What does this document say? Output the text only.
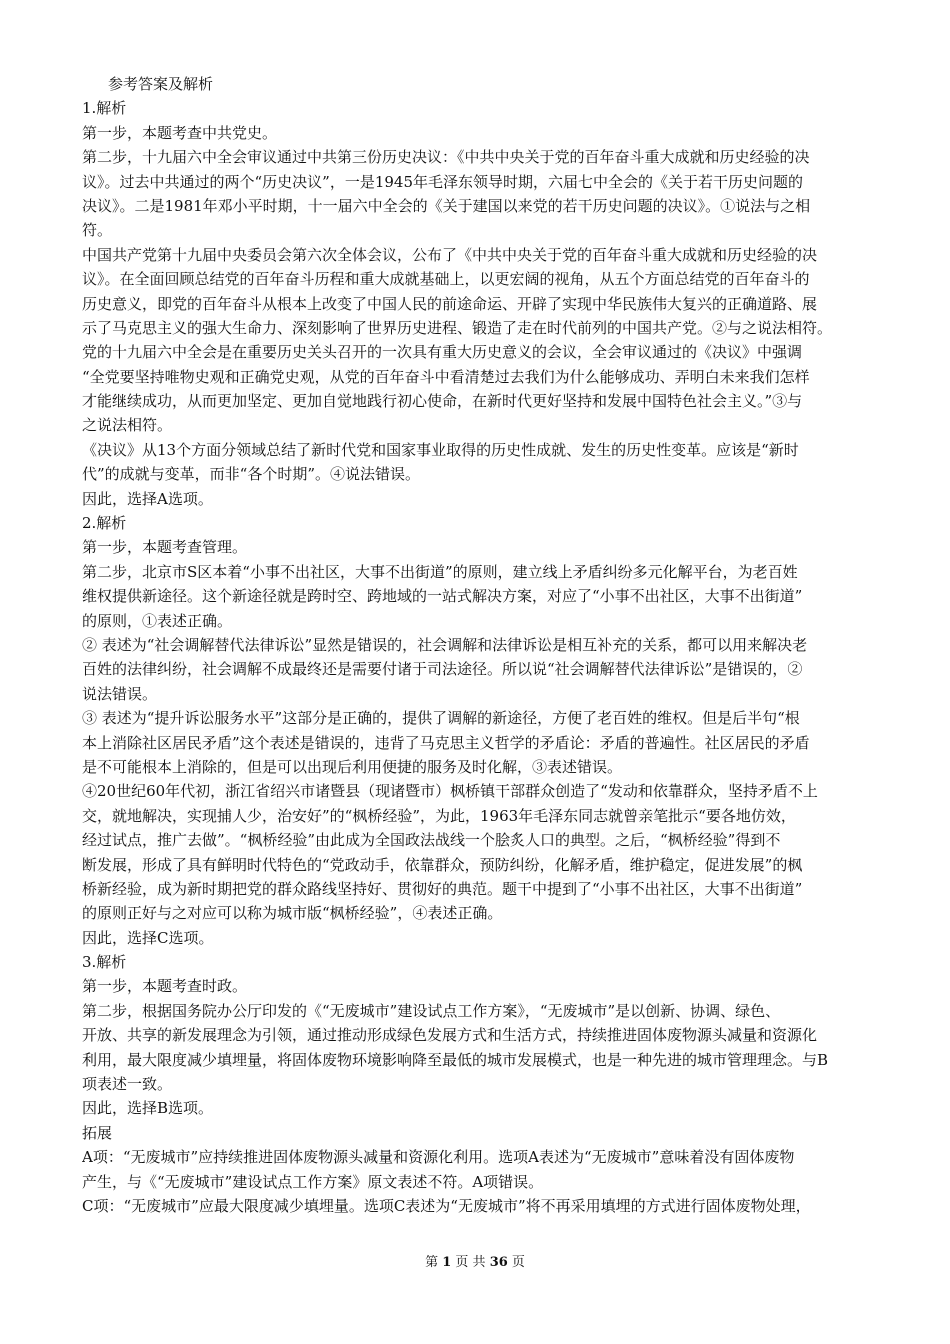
参考答案及解析
1.解析
第一步，本题考查中共党史。
第二步，十九届六中全会审议通过中共第三份历史决议：《中共中央关于党的百年奋斗重大成就和历史经验的决
议》。过去中共通过的两个“历史决议”，一是1945年毛泽东领导时期，六届七中全会的《关于若干历史问题的
决议》。二是1981年邓小平时期，十一届六中全会的《关于建国以来党的若干历史问题的决议》。①说法与之相
符。
中国共产党第十九届中央委员会第六次全体会议，公布了《中共中央关于党的百年奋斗重大成就和历史经验的决
议》。在全面回顾总结党的百年奋斗历程和重大成就基础上，以更宏阔的视角，从五个方面总结党的百年奋斗的
历史意义，即党的百年奋斗从根本上改变了中国人民的前途命运、开辟了实现中华民族伟大复兴的正确道路、展
示了马克思主义的强大生命力、深刻影响了世界历史进程、锻造了走在时代前列的中国共产党。②与之说法相符。
党的十九届六中全会是在重要历史关头召开的一次具有重大历史意义的会议，全会审议通过的《决议》中强调
“全党要坚持唯物史观和正确党史观，从党的百年奋斗中看清楚过去我们为什么能够成功、弄明白未来我们怎样
才能继续成功，从而更加坚定、更加自觉地践行初心使命，在新时代更好坚持和发展中国特色社会主义。”③与
之说法相符。
《决议》从13个方面分领域总结了新时代党和国家事业取得的历史性成就、发生的历史性变革。应该是“新时
代”的成就与变革，而非“各个时期”。④说法错误。
因此，选择A选项。
2.解析
第一步，本题考查管理。
第二步，北京市S区本着“小事不出社区，大事不出街道”的原则，建立线上矛盾纠纷多元化解平台，为老百姓
维权提供新途径。这个新途径就是跨时空、跨地域的一站式解决方案，对应了“小事不出社区，大事不出街道”
的原则，①表述正确。
② 表述为“社会调解替代法律诉讼”显然是错误的，社会调解和法律诉讼是相互补充的关系，都可以用来解决老
百姓的法律纠纷，社会调解不成最终还是需要付诸于司法途径。所以说“社会调解替代法律诉讼”是错误的，②
说法错误。
③ 表述为“提升诉讼服务水平”这部分是正确的，提供了调解的新途径，方便了老百姓的维权。但是后半句“根
本上消除社区居民矛盾”这个表述是错误的，违背了马克思主义哲学的矛盾论：矛盾的普遍性。社区居民的矛盾
是不可能根本上消除的，但是可以出现后利用便捷的服务及时化解，③表述错误。
④20世纪60年代初，浙江省绍兴市诸暨县（现诸暨市）枫桥镇干部群众创造了“发动和依靠群众，坚持矛盾不上
交，就地解决，实现捕人少，治安好”的“枫桥经验”，为此，1963年毛泽东同志就曾亲笔批示“要各地仿效，
经过试点，推广去做”。“枫桥经验”由此成为全国政法战线一个脍炙人口的典型。之后，“枫桥经验”得到不
断发展，形成了具有鲜明时代特色的“党政动手，依靠群众，预防纠纷，化解矛盾，维护稳定，促进发展”的枫
桥新经验，成为新时期把党的群众路线坚持好、贯彻好的典范。题干中提到了“小事不出社区，大事不出街道”
的原则正好与之对应可以称为城市版“枫桥经验”，④表述正确。
因此，选择C选项。
3.解析
第一步，本题考查时政。
第二步，根据国务院办公厅印发的《“无废城市”建设试点工作方案》，“无废城市”是以创新、协调、绿色、
开放、共享的新发展理念为引领，通过推动形成绿色发展方式和生活方式，持续推进固体废物源头减量和资源化
利用，最大限度减少填埋量，将固体废物环境影响降至最低的城市发展模式，也是一种先进的城市管理理念。与B
项表述一致。
因此，选择B选项。
拓展
A项：“无废城市”应持续推进固体废物源头减量和资源化利用。选项A表述为“无废城市”意味着没有固体废物
产生，与《“无废城市”建设试点工作方案》原文表述不符。A项错误。
C项：“无废城市”应最大限度减少填埋量。选项C表述为“无废城市”将不再采用填埋的方式进行固体废物处理，
第 1 页 共 36 页
